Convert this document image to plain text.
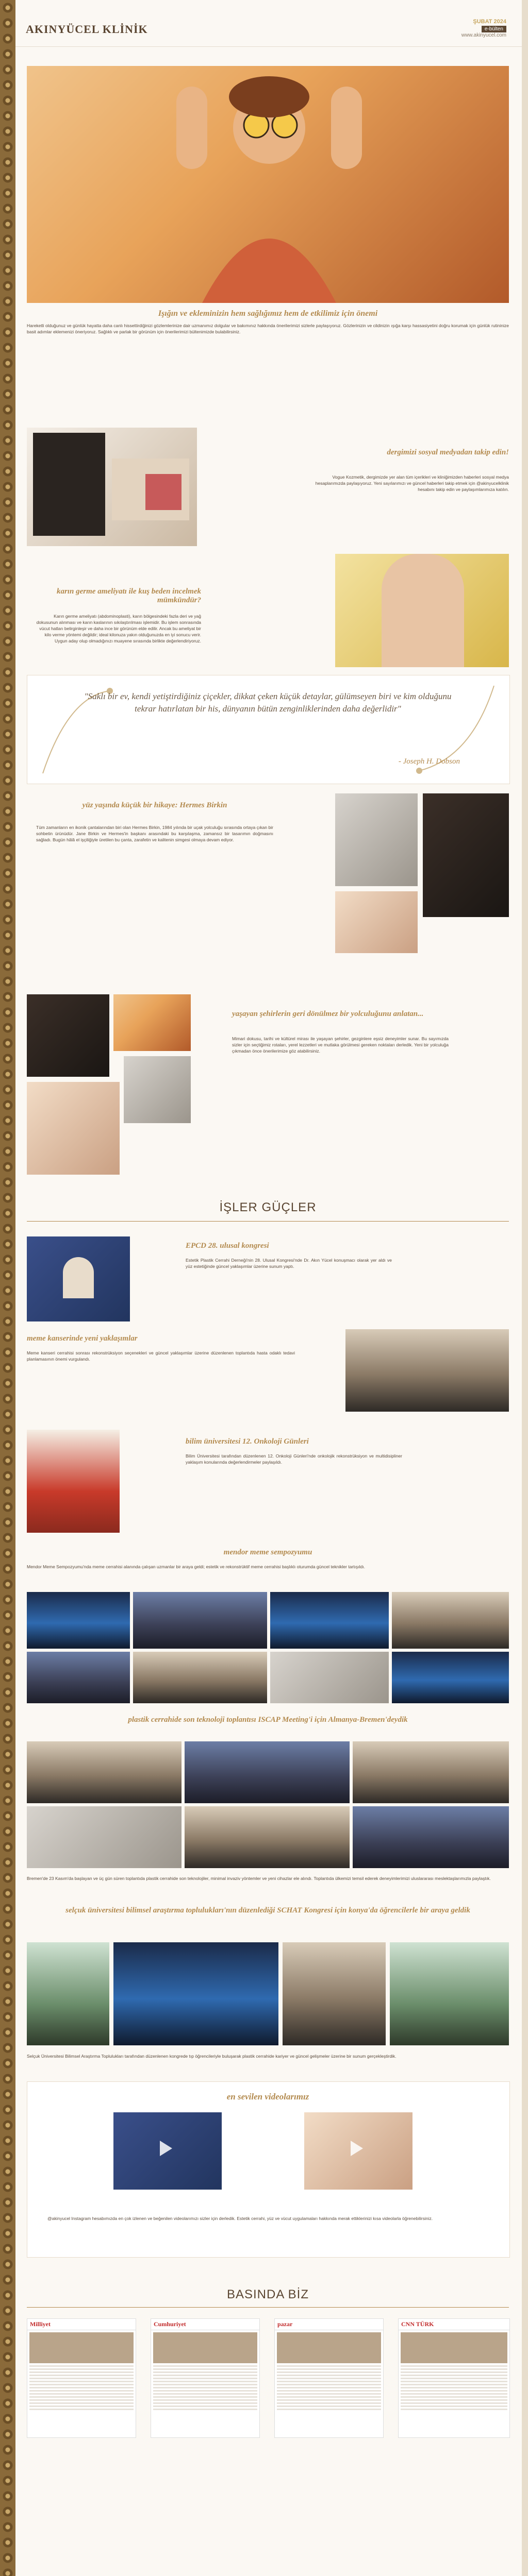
AKINYÜCEL KLİNİK
ŞUBAT 2024
e-bülten
www.akinyucel.com
Işığın ve ekleminizin hem sağlığımız hem de etkilimiz için önemi
Hareketli olduğunuz ve günlük hayatta daha canlı hissettirdiğinizi gözlemlerinize dair uzmanımız dolgular ve bakımınız hakkında önerilerimizi sizlerle paylaşıyoruz. Gözlerinizin ve cildinizin ışığa karşı hassasiyetini doğru korumak için günlük rutininize basit adımlar eklemenizi öneriyoruz. Sağlıklı ve parlak bir görünüm için önerilerimizi bültenimizde bulabilirsiniz.
dergimizi sosyal medyadan takip edin!
Vogue Kozmetik, dergimizde yer alan tüm içerikleri ve kliniğimizden haberleri sosyal medya hesaplarımızda paylaşıyoruz. Yeni sayılarımızı ve güncel haberleri takip etmek için @akinyucelklinik hesabını takip edin ve paylaşımlarımıza katılın.
karın germe ameliyatı ile kuş beden incelmek mümkündür?
Karın germe ameliyatı (abdominoplasti), karın bölgesindeki fazla deri ve yağ dokusunun alınması ve karın kaslarının sıkılaştırılması işlemidir. Bu işlem sonrasında vücut hatları belirginleşir ve daha ince bir görünüm elde edilir. Ancak bu ameliyat bir kilo verme yöntemi değildir; ideal kilonuza yakın olduğunuzda en iyi sonucu verir. Uygun aday olup olmadığınızı muayene sırasında birlikte değerlendiriyoruz.
"Saklı bir ev, kendi yetiştirdiğiniz çiçekler, dikkat çeken küçük detaylar, gülümseyen biri ve kim olduğunu tekrar hatırlatan bir his, dünyanın bütün zenginliklerinden daha değerlidir"
- Joseph H. Dobson
yüz yaşında küçük bir hikaye: Hermes Birkin
Tüm zamanların en ikonik çantalarından biri olan Hermes Birkin, 1984 yılında bir uçak yolculuğu sırasında ortaya çıkan bir sohbetin ürünüdür. Jane Birkin ve Hermes'in başkanı arasındaki bu karşılaşma, zamansız bir tasarımın doğmasını sağladı. Bugün hâlâ el işçiliğiyle üretilen bu çanta, zarafetin ve kalitenin simgesi olmaya devam ediyor.
yaşayan şehirlerin geri dönülmez bir yolculuğunu anlatan...
Mimari dokusu, tarihi ve kültürel mirası ile yaşayan şehirler, gezginlere eşsiz deneyimler sunar. Bu sayımızda sizler için seçtiğimiz rotaları, yerel lezzetleri ve mutlaka görülmesi gereken noktaları derledik. Yeni bir yolculuğa çıkmadan önce önerilerimize göz atabilirsiniz.
İŞLER GÜÇLER
EPCD 28. ulusal kongresi
Estetik Plastik Cerrahi Derneği'nin 28. Ulusal Kongresi'nde Dr. Akın Yücel konuşmacı olarak yer aldı ve yüz estetiğinde güncel yaklaşımlar üzerine sunum yaptı.
meme kanserinde yeni yaklaşımlar
Meme kanseri cerrahisi sonrası rekonstrüksiyon seçenekleri ve güncel yaklaşımlar üzerine düzenlenen toplantıda hasta odaklı tedavi planlamasının önemi vurgulandı.
bilim üniversitesi 12. Onkoloji Günleri
Bilim Üniversitesi tarafından düzenlenen 12. Onkoloji Günleri'nde onkolojik rekonstrüksiyon ve multidisipliner yaklaşım konularında değerlendirmeler paylaşıldı.
mendor meme sempozyumu
Mendor Meme Sempozyumu'nda meme cerrahisi alanında çalışan uzmanlar bir araya geldi; estetik ve rekonstrüktif meme cerrahisi başlıklı oturumda güncel teknikler tartışıldı.
plastik cerrahide son teknoloji toplantısı ISCAP Meeting'i için Almanya-Bremen'deydik
Bremen'de 23 Kasım'da başlayan ve üç gün süren toplantıda plastik cerrahide son teknolojiler, minimal invaziv yöntemler ve yeni cihazlar ele alındı. Toplantıda ülkemizi temsil ederek deneyimlerimizi uluslararası meslektaşlarımızla paylaştık.
selçuk üniversitesi bilimsel araştırma toplulukları'nın düzenlediği SCHAT Kongresi için konya'da öğrencilerle bir araya geldik
Selçuk Üniversitesi Bilimsel Araştırma Toplulukları tarafından düzenlenen kongrede tıp öğrencileriyle buluşarak plastik cerrahide kariyer ve güncel gelişmeler üzerine bir sunum gerçekleştirdik.
en sevilen videolarımız
@akinyucel Instagram hesabımızda en çok izlenen ve beğenilen videolarımızı sizler için derledik. Estetik cerrahi, yüz ve vücut uygulamaları hakkında merak ettiklerinizi kısa videolarla öğrenebilirsiniz.
BASINDA BİZ
Milliyet	Cumhuriyet	pazar	CNN TÜRK
